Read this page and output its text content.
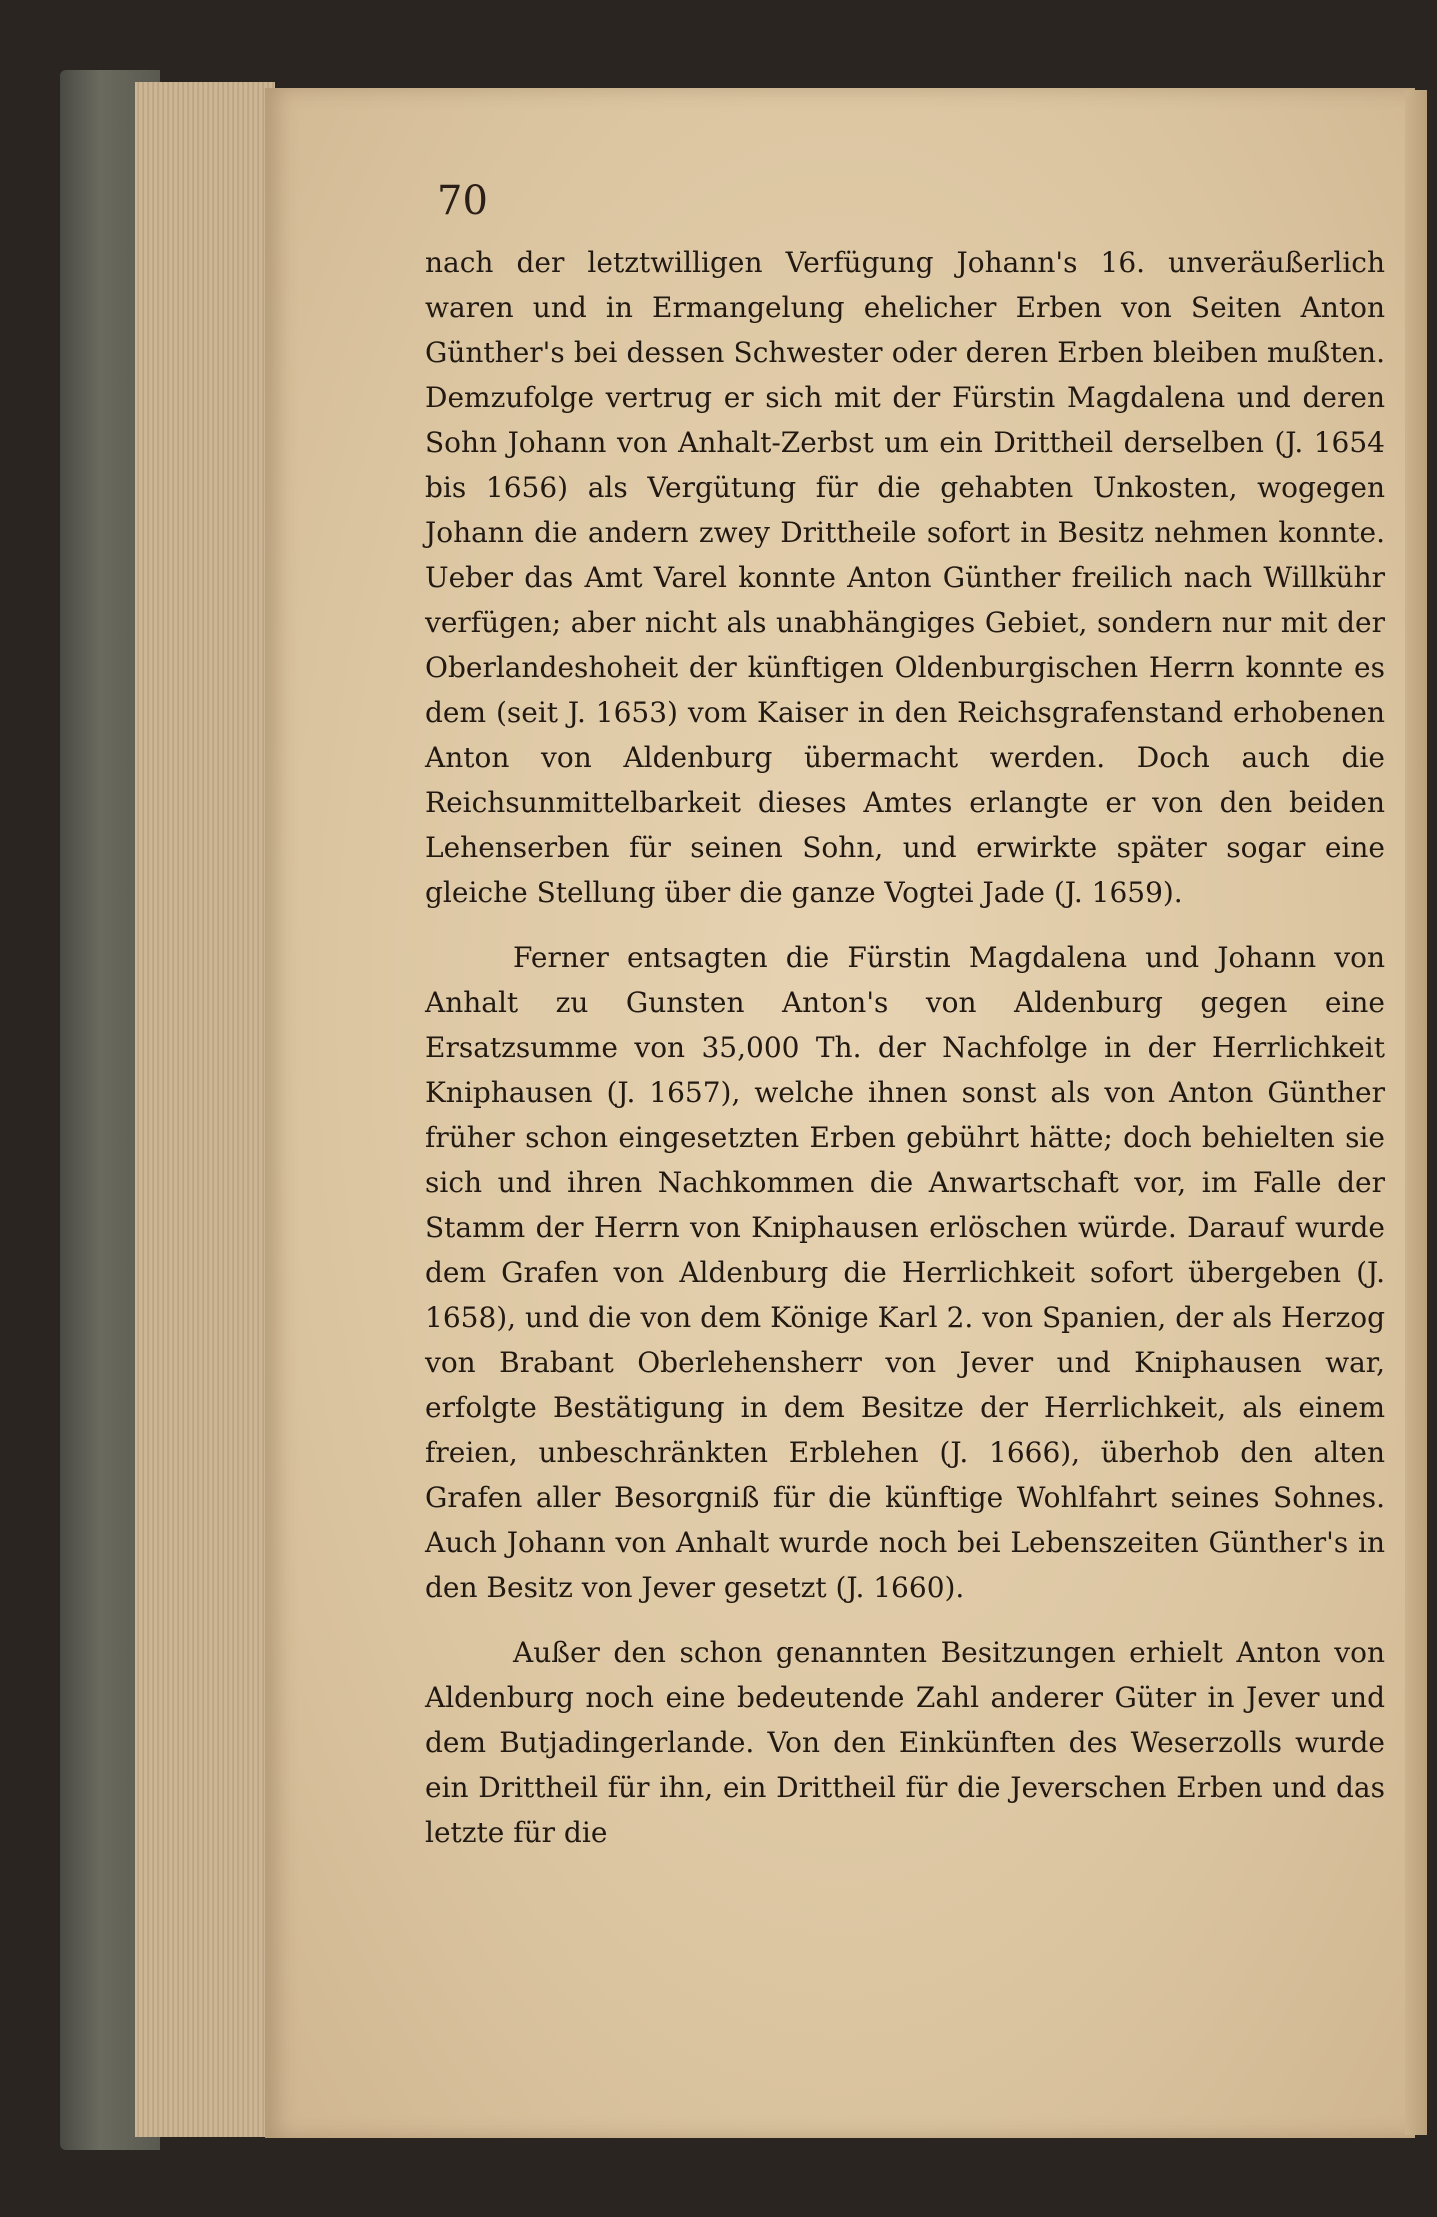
70

nach der letztwilligen Verfügung Johann's 16. unveräußerlich waren und in Ermangelung ehelicher Erben von Seiten Anton Günther's bei dessen Schwester oder deren Erben bleiben mußten. Demzufolge vertrug er sich mit der Fürstin Magdalena und deren Sohn Johann von Anhalt-Zerbst um ein Drittheil derselben (J. 1654 bis 1656) als Vergütung für die gehabten Unkosten, wogegen Johann die andern zwey Drittheile sofort in Besitz nehmen konnte. Ueber das Amt Varel konnte Anton Günther freilich nach Willkühr verfügen; aber nicht als unabhängiges Gebiet, sondern nur mit der Oberlandeshoheit der künftigen Oldenburgischen Herrn konnte es dem (seit J. 1653) vom Kaiser in den Reichsgrafenstand erhobenen Anton von Aldenburg übermacht werden. Doch auch die Reichsunmittelbarkeit dieses Amtes erlangte er von den beiden Lehenserben für seinen Sohn, und erwirkte später sogar eine gleiche Stellung über die ganze Vogtei Jade (J. 1659).

Ferner entsagten die Fürstin Magdalena und Johann von Anhalt zu Gunsten Anton's von Aldenburg gegen eine Ersatzsumme von 35,000 Th. der Nachfolge in der Herrlichkeit Kniphausen (J. 1657), welche ihnen sonst als von Anton Günther früher schon eingesetzten Erben gebührt hätte; doch behielten sie sich und ihren Nachkommen die Anwartschaft vor, im Falle der Stamm der Herrn von Kniphausen erlöschen würde. Darauf wurde dem Grafen von Aldenburg die Herrlichkeit sofort übergeben (J. 1658), und die von dem Könige Karl 2. von Spanien, der als Herzog von Brabant Oberlehensherr von Jever und Kniphausen war, erfolgte Bestätigung in dem Besitze der Herrlichkeit, als einem freien, unbeschränkten Erblehen (J. 1666), überhob den alten Grafen aller Besorgniß für die künftige Wohlfahrt seines Sohnes. Auch Johann von Anhalt wurde noch bei Lebenszeiten Günther's in den Besitz von Jever gesetzt (J. 1660).

Außer den schon genannten Besitzungen erhielt Anton von Aldenburg noch eine bedeutende Zahl anderer Güter in Jever und dem Butjadingerlande. Von den Einkünften des Weserzolls wurde ein Drittheil für ihn, ein Drittheil für die Jeverschen Erben und das letzte für die
